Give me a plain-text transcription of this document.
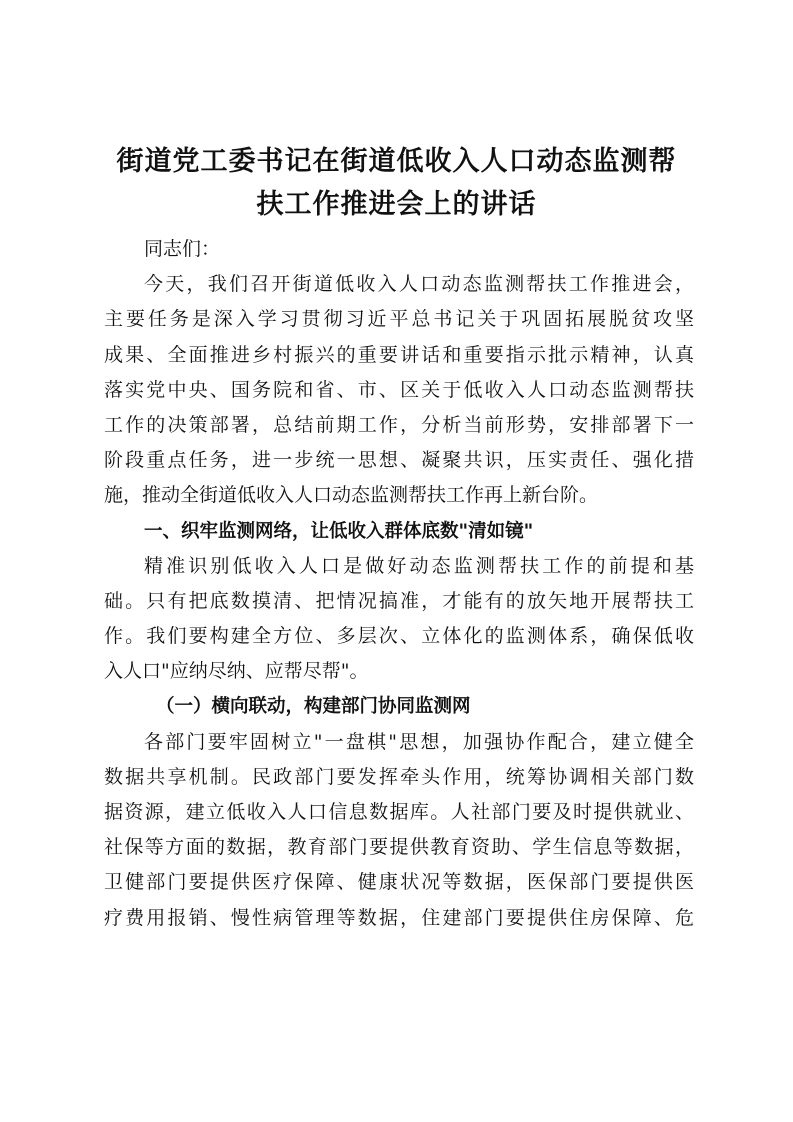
街道党工委书记在街道低收入人口动态监测帮
扶工作推进会上的讲话
同志们：
今天，我们召开街道低收入人口动态监测帮扶工作推进会，
主要任务是深入学习贯彻习近平总书记关于巩固拓展脱贫攻坚
成果、全面推进乡村振兴的重要讲话和重要指示批示精神，认真
落实党中央、国务院和省、市、区关于低收入人口动态监测帮扶
工作的决策部署，总结前期工作，分析当前形势，安排部署下一
阶段重点任务，进一步统一思想、凝聚共识，压实责任、强化措
施，推动全街道低收入人口动态监测帮扶工作再上新台阶。
一、织牢监测网络，让低收入群体底数"清如镜"
精准识别低收入人口是做好动态监测帮扶工作的前提和基
础。只有把底数摸清、把情况搞准，才能有的放矢地开展帮扶工
作。我们要构建全方位、多层次、立体化的监测体系，确保低收
入人口"应纳尽纳、应帮尽帮"。
（一）横向联动，构建部门协同监测网
各部门要牢固树立"一盘棋"思想，加强协作配合，建立健全
数据共享机制。民政部门要发挥牵头作用，统筹协调相关部门数
据资源，建立低收入人口信息数据库。人社部门要及时提供就业、
社保等方面的数据，教育部门要提供教育资助、学生信息等数据，
卫健部门要提供医疗保障、健康状况等数据，医保部门要提供医
疗费用报销、慢性病管理等数据，住建部门要提供住房保障、危
